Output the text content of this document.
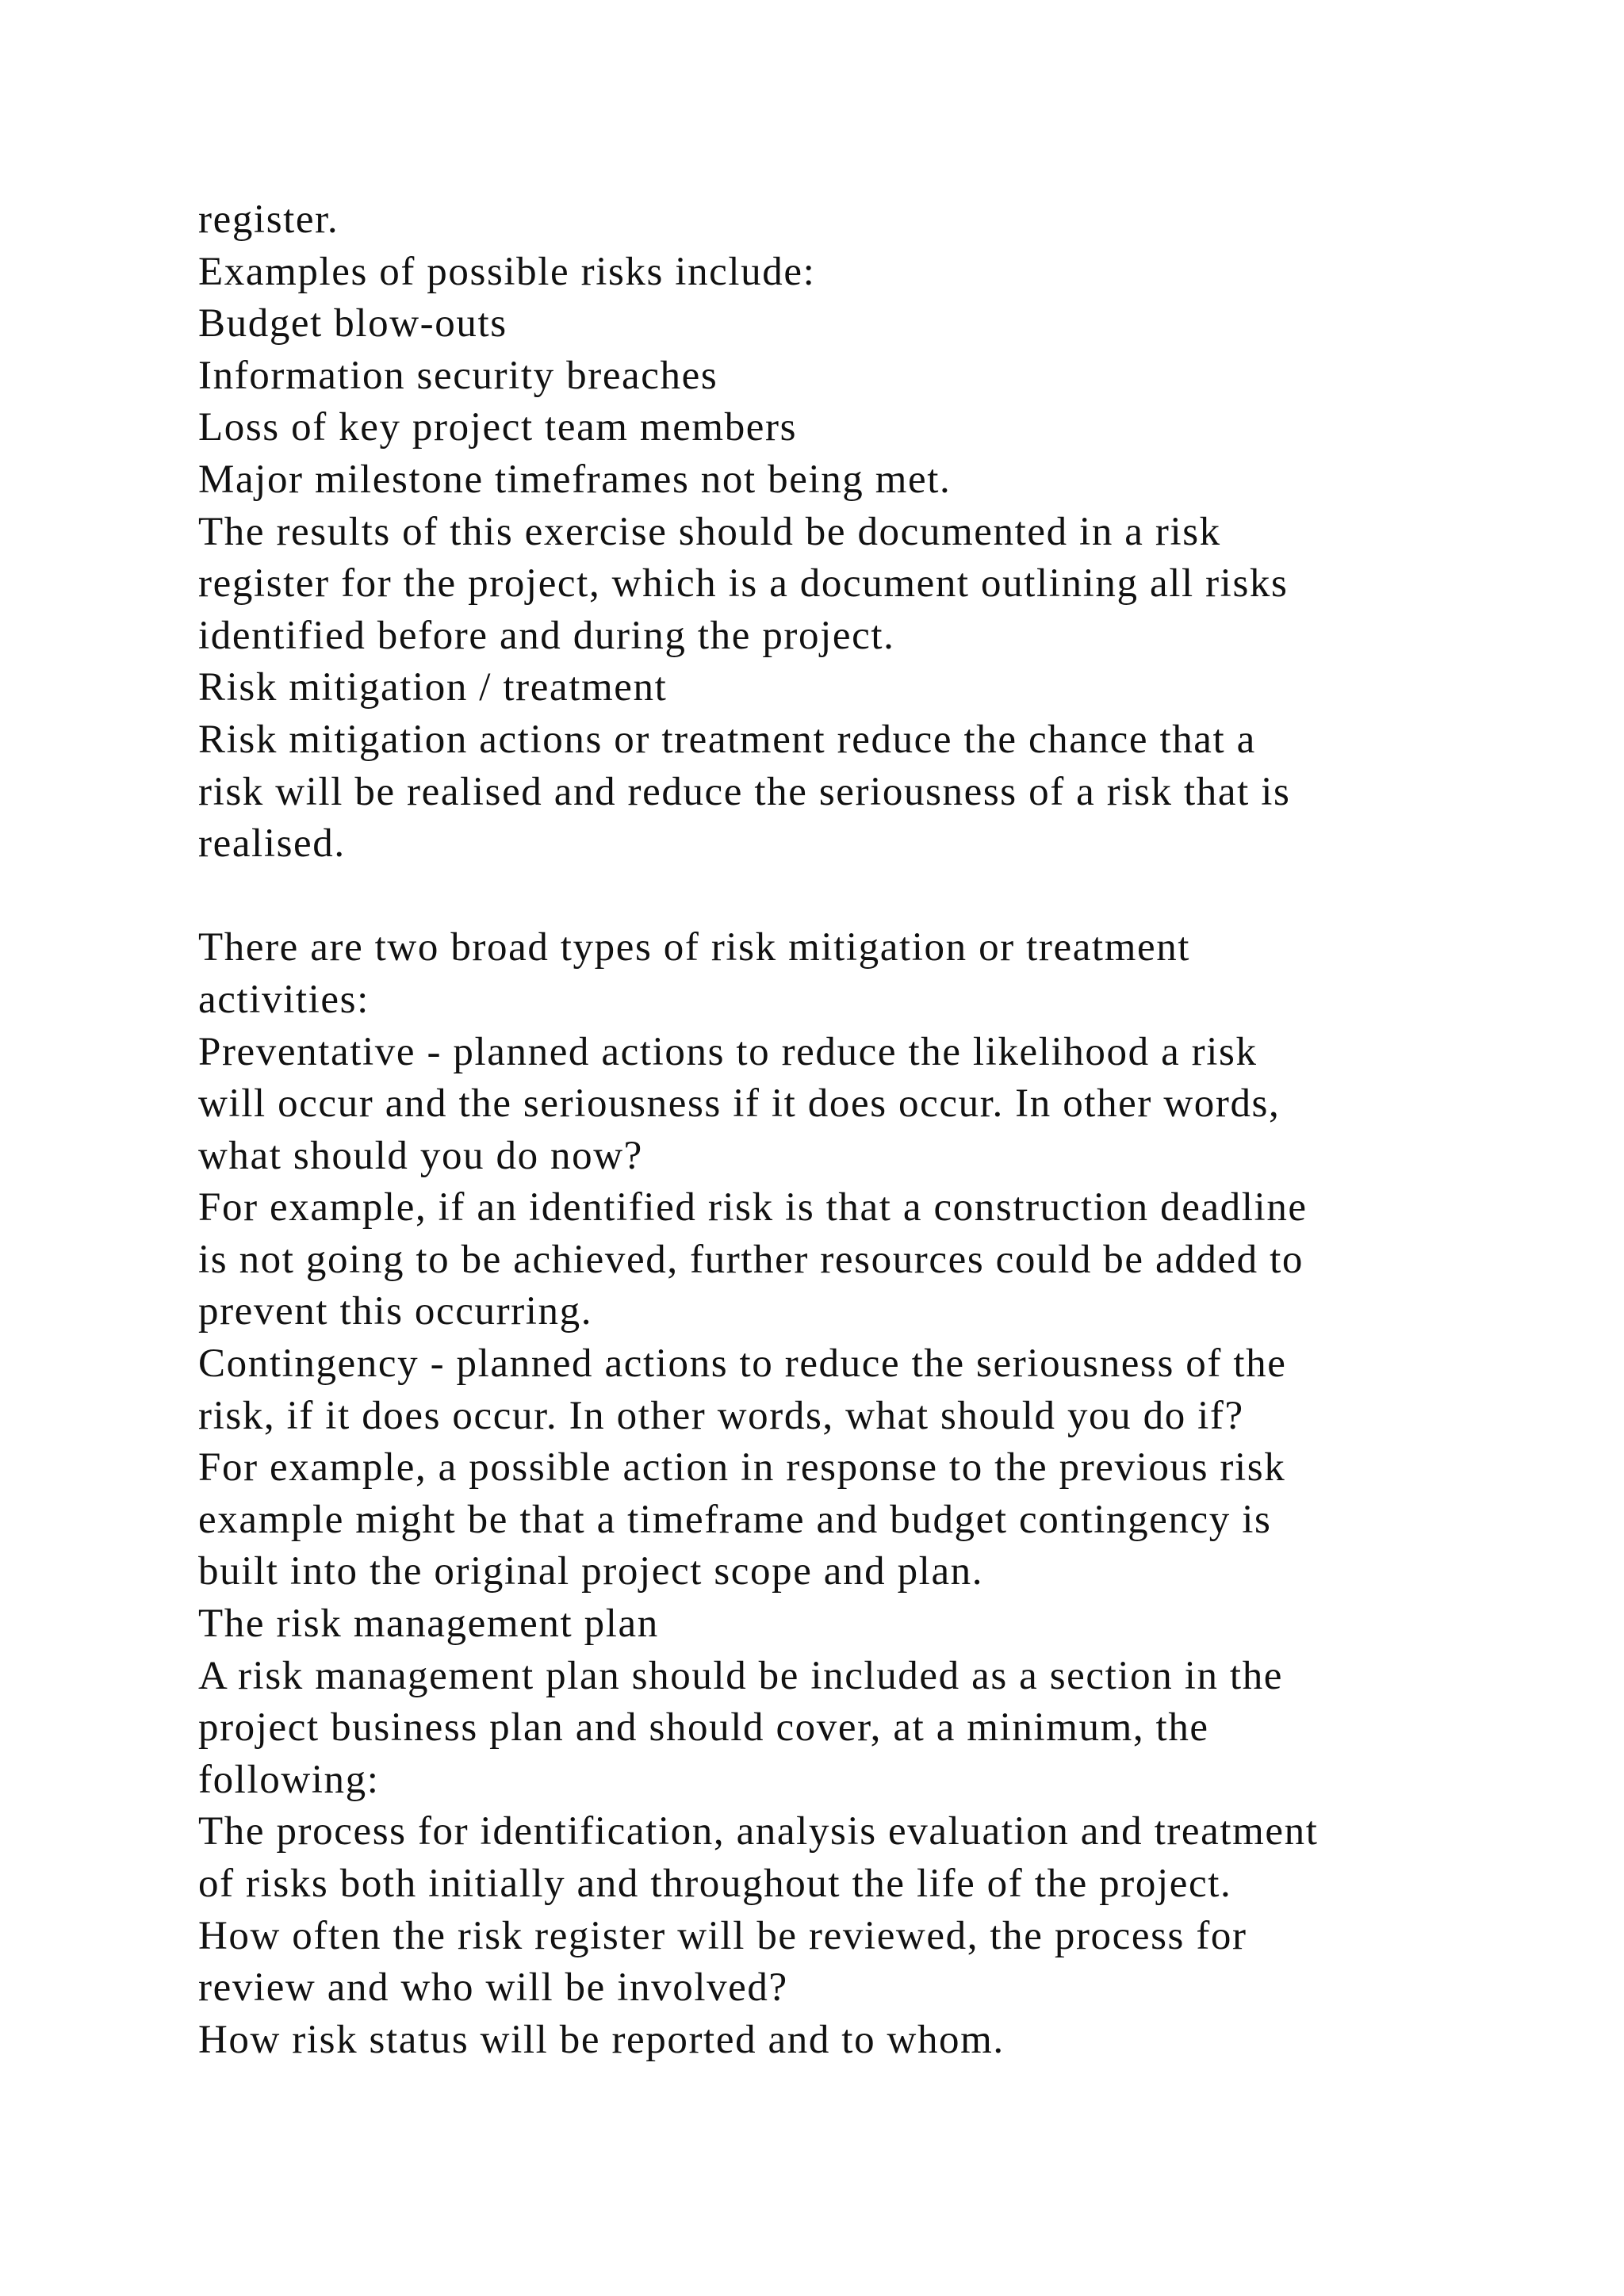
register.
Examples of possible risks include:
Budget blow-outs
Information security breaches
Loss of key project team members
Major milestone timeframes not being met.
The results of this exercise should be documented in a risk
register for the project, which is a document outlining all risks
identified before and during the project.
Risk mitigation / treatment
Risk mitigation actions or treatment reduce the chance that a
risk will be realised and reduce the seriousness of a risk that is
realised.
There are two broad types of risk mitigation or treatment
activities:
Preventative - planned actions to reduce the likelihood a risk
will occur and the seriousness if it does occur. In other words,
what should you do now?
For example, if an identified risk is that a construction deadline
is not going to be achieved, further resources could be added to
prevent this occurring.
Contingency - planned actions to reduce the seriousness of the
risk, if it does occur. In other words, what should you do if?
For example, a possible action in response to the previous risk
example might be that a timeframe and budget contingency is
built into the original project scope and plan.
The risk management plan
A risk management plan should be included as a section in the
project business plan and should cover, at a minimum, the
following:
The process for identification, analysis evaluation and treatment
of risks both initially and throughout the life of the project.
How often the risk register will be reviewed, the process for
review and who will be involved?
How risk status will be reported and to whom.
